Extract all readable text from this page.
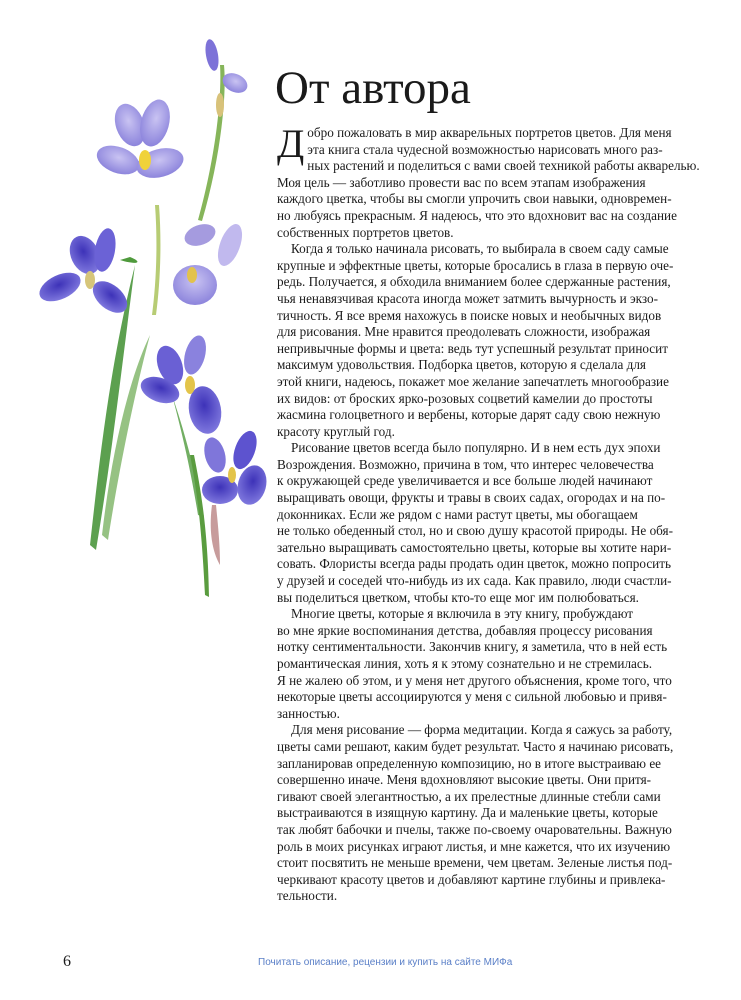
От автора

Д обро пожаловать в мир акварельных портретов цветов. Для меня
эта книга стала чудесной возможностью нарисовать много раз-
ных растений и поделиться с вами своей техникой работы акварелью.
Моя цель — заботливо провести вас по всем этапам изображения
каждого цветка, чтобы вы смогли упрочить свои навыки, одновремен-
но любуясь прекрасным. Я надеюсь, что это вдохновит вас на создание
собственных портретов цветов.

Когда я только начинала рисовать, то выбирала в своем саду самые
крупные и эффектные цветы, которые бросались в глаза в первую оче-
редь. Получается, я обходила вниманием более сдержанные растения,
чья ненавязчивая красота иногда может затмить вычурность и экзо-
тичность. Я все время нахожусь в поиске новых и необычных видов
для рисования. Мне нравится преодолевать сложности, изображая
непривычные формы и цвета: ведь тут успешный результат приносит
максимум удовольствия. Подборка цветов, которую я сделала для
этой книги, надеюсь, покажет мое желание запечатлеть многообразие
их видов: от броских ярко-розовых соцветий камелии до простоты
жасмина голоцветного и вербены, которые дарят саду свою нежную
красоту круглый год.

Рисование цветов всегда было популярно. И в нем есть дух эпохи
Возрождения. Возможно, причина в том, что интерес человечества
к окружающей среде увеличивается и все больше людей начинают
выращивать овощи, фрукты и травы в своих садах, огородах и на по-
доконниках. Если же рядом с нами растут цветы, мы обогащаем
не только обеденный стол, но и свою душу красотой природы. Не обя-
зательно выращивать самостоятельно цветы, которые вы хотите нари-
совать. Флористы всегда рады продать один цветок, можно попросить
у друзей и соседей что-нибудь из их сада. Как правило, люди счастли-
вы поделиться цветком, чтобы кто-то еще мог им полюбоваться.

Многие цветы, которые я включила в эту книгу, пробуждают
во мне яркие воспоминания детства, добавляя процессу рисования
нотку сентиментальности. Закончив книгу, я заметила, что в ней есть
романтическая линия, хоть я к этому сознательно и не стремилась.
Я не жалею об этом, и у меня нет другого объяснения, кроме того, что
некоторые цветы ассоциируются у меня с сильной любовью и привя-
занностью.

Для меня рисование — форма медитации. Когда я сажусь за работу,
цветы сами решают, каким будет результат. Часто я начинаю рисовать,
запланировав определенную композицию, но в итоге выстраиваю ее
совершенно иначе. Меня вдохновляют высокие цветы. Они притя-
гивают своей элегантностью, а их прелестные длинные стебли сами
выстраиваются в изящную картину. Да и маленькие цветы, которые
так любят бабочки и пчелы, также по-своему очаровательны. Важную
роль в моих рисунках играют листья, и мне кажется, что их изучению
стоит посвятить не меньше времени, чем цветам. Зеленые листья под-
черкивают красоту цветов и добавляют картине глубины и привлека-
тельности.

6	Почитать описание, рецензии и купить на сайте МИФа
